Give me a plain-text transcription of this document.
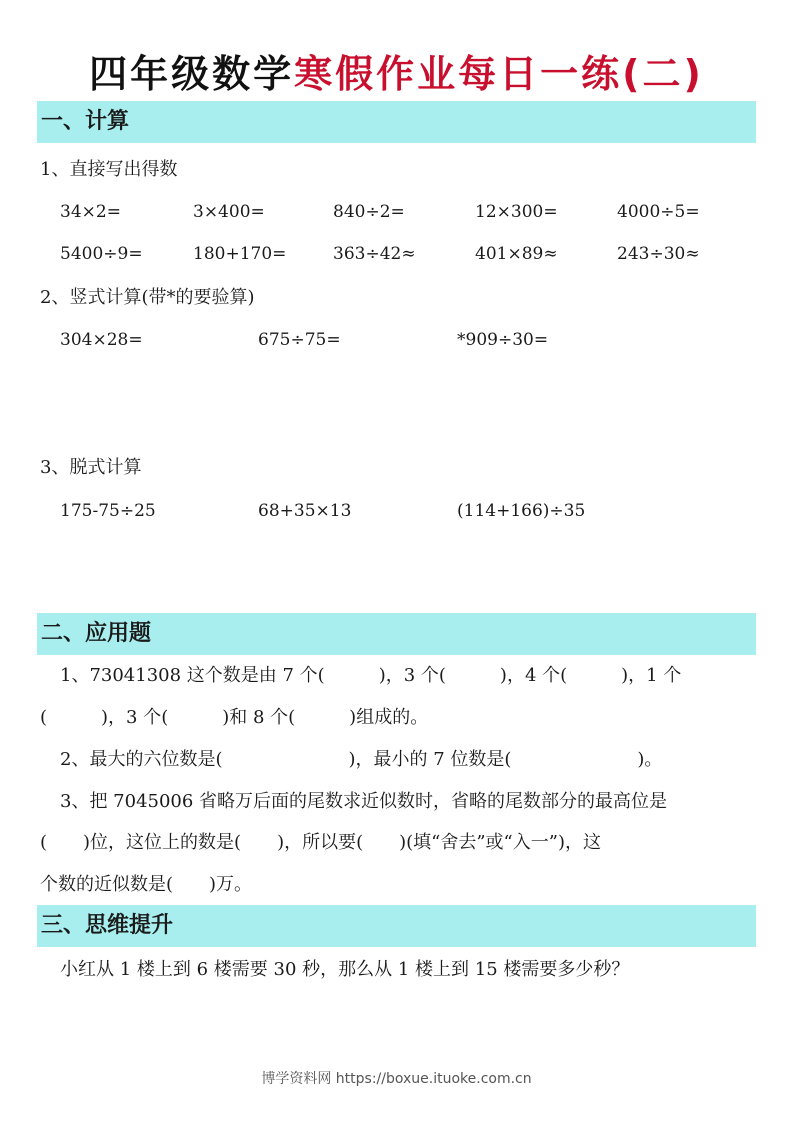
四年级数学寒假作业每日一练(二)
一、计算
1、直接写出得数
34×2=	3×400=	840÷2=	12×300=	4000÷5=
5400÷9=	180+170=	363÷42≈	401×89≈	243÷30≈
2、竖式计算(带*的要验算)
304×28=	675÷75=	*909÷30=
3、脱式计算
175-75÷25	68+35×13	(114+166)÷35
二、应用题
1、73041308 这个数是由 7 个(　　　)，3 个(　　　)，4 个(　　　)，1 个
(　　　)，3 个(　　　)和 8 个(　　　)组成的。
2、最大的六位数是(　　　　　　　)，最小的 7 位数是(　　　　　　　)。
3、把 7045006 省略万后面的尾数求近似数时，省略的尾数部分的最高位是
(　　)位，这位上的数是(　　)，所以要(　　)(填“舍去”或“入一”)，这
个数的近似数是(　　)万。
三、思维提升
小红从 1 楼上到 6 楼需要 30 秒，那么从 1 楼上到 15 楼需要多少秒？
博学资料网 https://boxue.ituoke.com.cn
